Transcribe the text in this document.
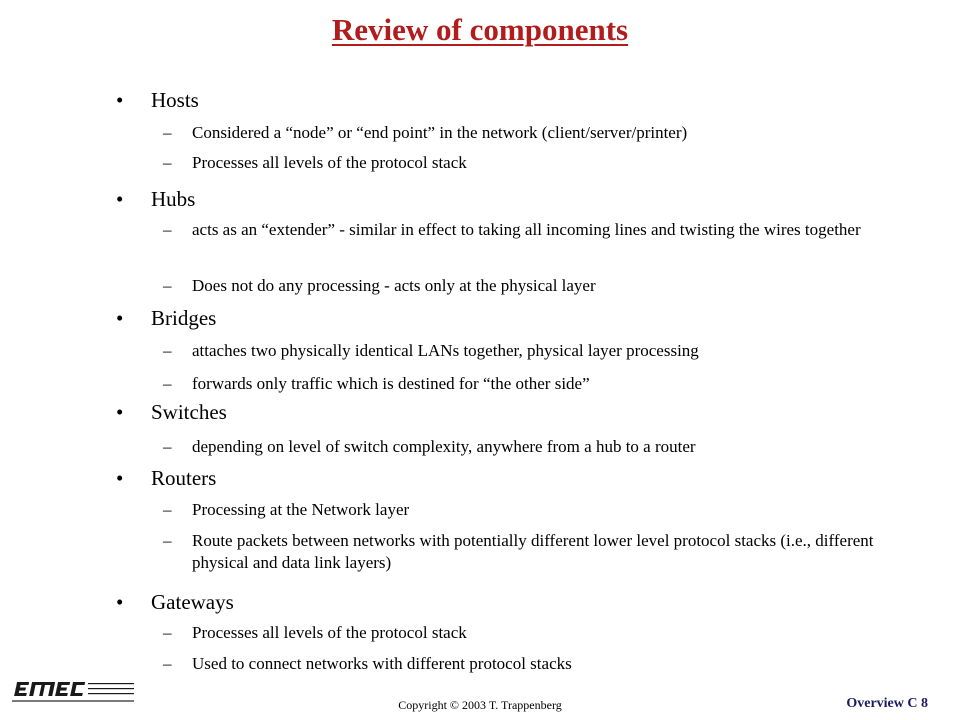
Review of components
• Hosts
– Considered a “node” or “end point” in the network (client/server/printer)
– Processes all levels of the protocol stack
• Hubs
– acts as an “extender” - similar in effect to taking all incoming lines and twisting the wires together
– Does not do any processing - acts only at the physical layer
• Bridges
– attaches two physically identical LANs together, physical layer processing
– forwards only traffic which is destined for “the other side”
• Switches
– depending on level of switch complexity, anywhere from a hub to a router
• Routers
– Processing at the Network layer
– Route packets between networks with potentially different lower level protocol stacks (i.e., different physical and data link layers)
• Gateways
– Processes all levels of the protocol stack
– Used to connect networks with different protocol stacks
Copyright © 2003 T. Trappenberg	Overview C 8
